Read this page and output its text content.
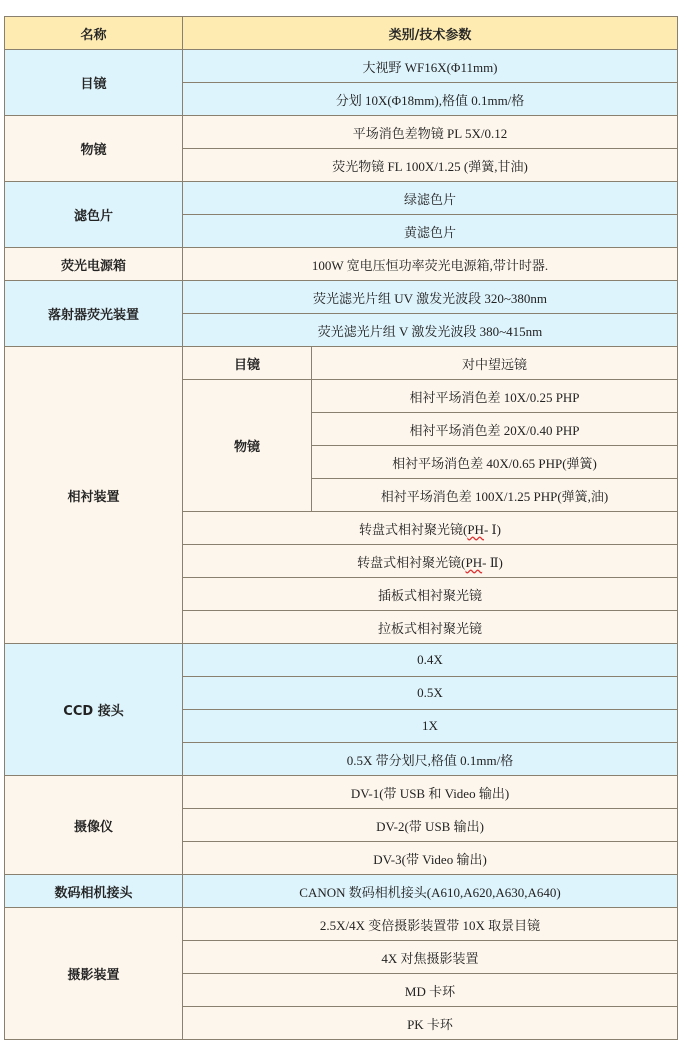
名称	类别/技术参数	
目镜	大视野 WF16X(Φ11mm)	
	分划 10X(Φ18mm),格值 0.1mm/格	
物镜	平场消色差物镜 PL 5X/0.12	
	荧光物镜 FL 100X/1.25 (弹簧,甘油)	
滤色片	绿滤色片	
	黄滤色片	
荧光电源箱	100W 宽电压恒功率荧光电源箱,带计时器.	
落射器荧光装置	荧光滤光片组 UV 激发光波段 320~380nm	
	荧光滤光片组 V 激发光波段 380~415nm	
相衬装置	目镜	对中望远镜
	物镜	相衬平场消色差 10X/0.25 PHP
		相衬平场消色差 20X/0.40 PHP
		相衬平场消色差 40X/0.65 PHP(弹簧)
		相衬平场消色差 100X/1.25 PHP(弹簧,油)
	转盘式相衬聚光镜(PH- Ⅰ)	
	转盘式相衬聚光镜(PH- Ⅱ)	
	插板式相衬聚光镜	
	拉板式相衬聚光镜	
CCD 接头	0.4X	
	0.5X	
	1X	
	0.5X 带分划尺,格值 0.1mm/格	
摄像仪	DV-1(带 USB 和 Video 输出)	
	DV-2(带 USB 输出)	
	DV-3(带 Video 输出)	
数码相机接头	CANON 数码相机接头(A610,A620,A630,A640)	
摄影装置	2.5X/4X 变倍摄影装置带 10X 取景目镜	
	4X 对焦摄影装置	
	MD 卡环	
	PK 卡环	
